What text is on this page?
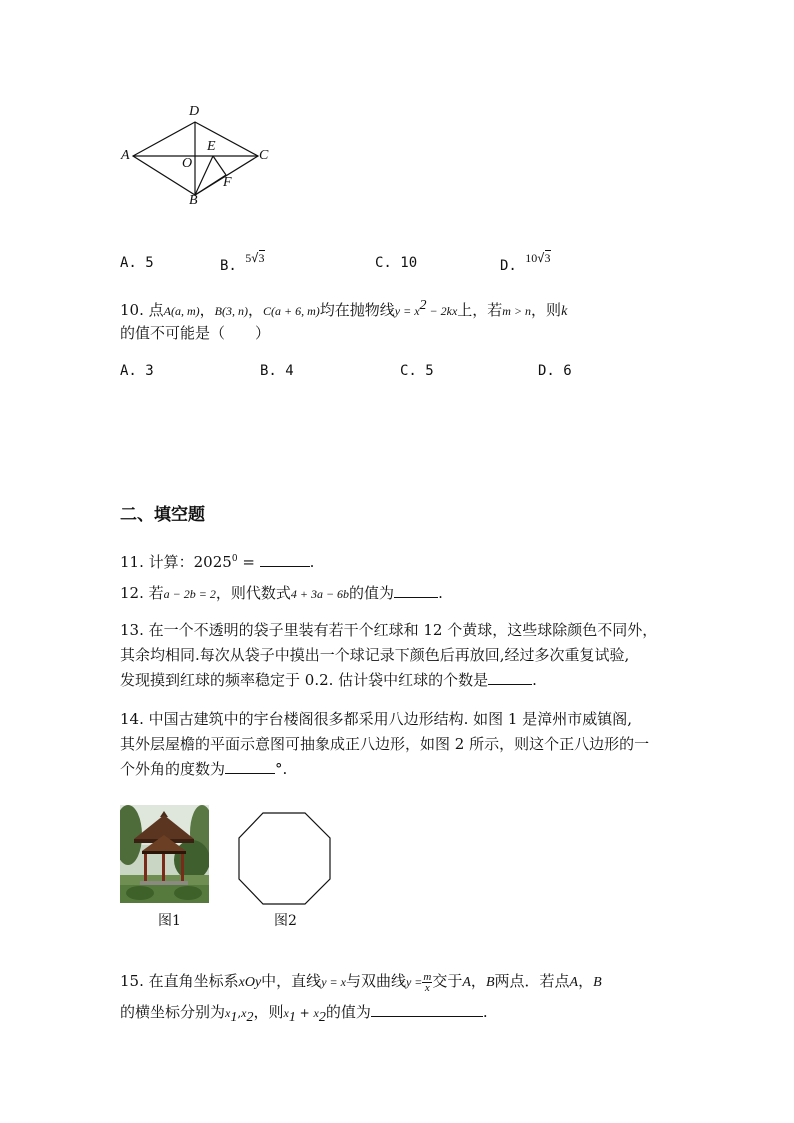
D
A
E
C
O
F
B
A. 5	B. 5√3	C. 10	D. 10√3
10. 点A(a, m)，B(3, n)，C(a + 6, m)均在抛物线$y = x^2 - 2kx$上，若m > n，则k
的值不可能是（　　）
A. 3	B. 4	C. 5	D. 6
二、填空题
11. 计算：$2025^0$ =	.
12. 若a − 2b = 2，则代数式4 + 3a − 6b的值为	.
13. 在一个不透明的袋子里装有若干个红球和 12 个黄球，这些球除颜色不同外，
其余均相同.每次从袋子中摸出一个球记录下颜色后再放回,经过多次重复试验,
发现摸到红球的频率稳定于 0.2. 估计袋中红球的个数是	.
14. 中国古建筑中的宇台楼阁很多都采用八边形结构. 如图 1 是漳州市威镇阁,
其外层屋檐的平面示意图可抽象成正八边形，如图 2 所示，则这个正八边形的一
个外角的度数为	°.
图1	图2
15. 在直角坐标系xOy中，直线y = x与双曲线$y = \frac{m}{x}$ 交于A，B两点．若点A，B
的横坐标分别为$x_1,x_2$，则$x_1 + x_2$的值为	.
